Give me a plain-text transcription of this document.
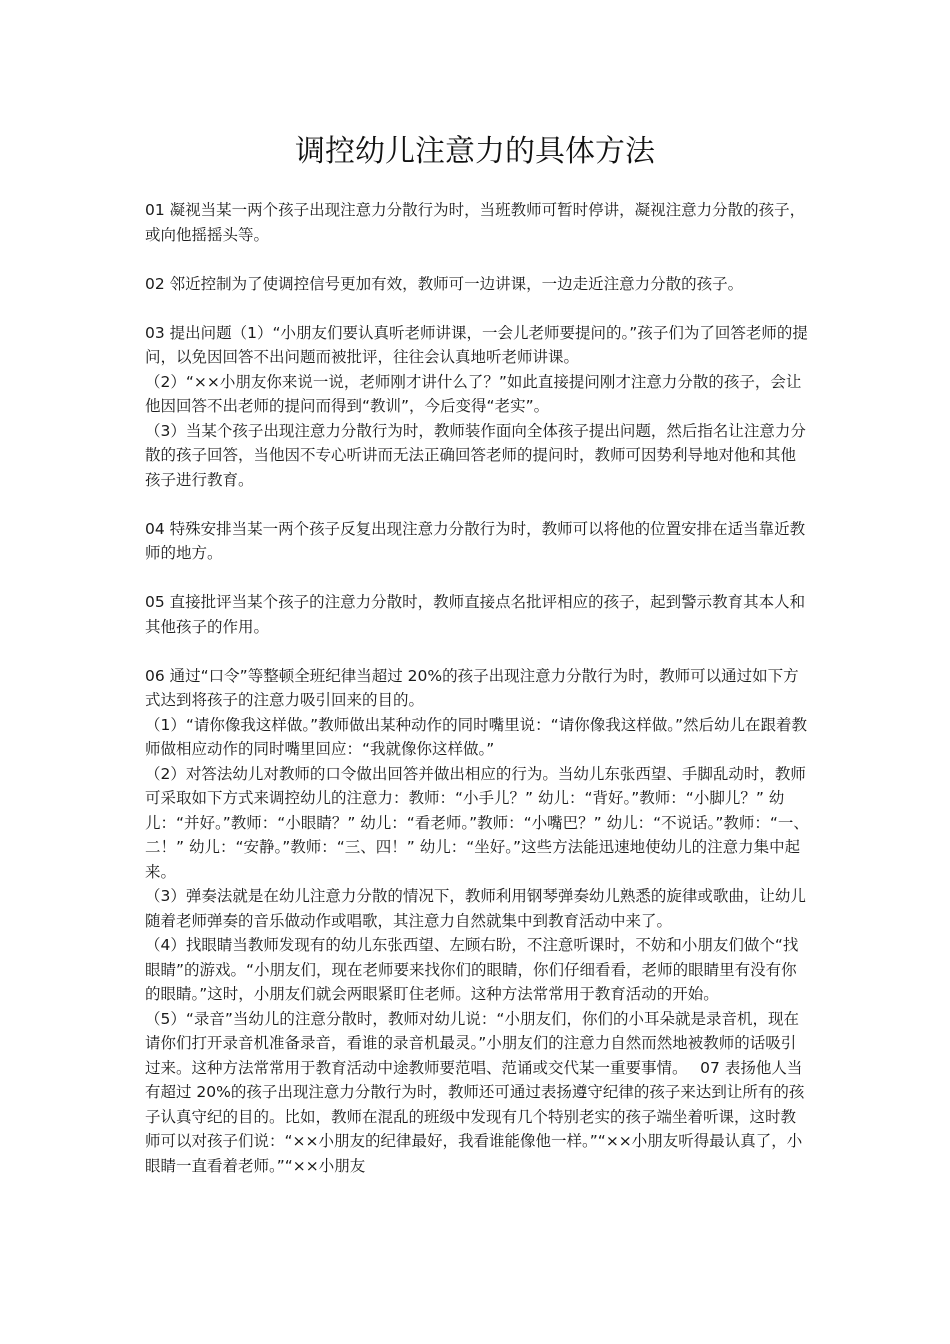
调控幼儿注意力的具体方法

01 凝视当某一两个孩子出现注意力分散行为时，当班教师可暂时停讲，凝视注意力分散的孩子，或向他摇摇头等。

02 邻近控制为了使调控信号更加有效，教师可一边讲课，一边走近注意力分散的孩子。

03 提出问题（1）“小朋友们要认真听老师讲课，一会儿老师要提问的。”孩子们为了回答老师的提问，以免因回答不出问题而被批评，往往会认真地听老师讲课。

（2）“××小朋友你来说一说，老师刚才讲什么了？”如此直接提问刚才注意力分散的孩子，会让他因回答不出老师的提问而得到“教训”，今后变得“老实”。

（3）当某个孩子出现注意力分散行为时，教师装作面向全体孩子提出问题，然后指名让注意力分散的孩子回答，当他因不专心听讲而无法正确回答老师的提问时，教师可因势利导地对他和其他孩子进行教育。

04 特殊安排当某一两个孩子反复出现注意力分散行为时，教师可以将他的位置安排在适当靠近教师的地方。

05 直接批评当某个孩子的注意力分散时，教师直接点名批评相应的孩子，起到警示教育其本人和其他孩子的作用。

06 通过“口令”等整顿全班纪律当超过 20%的孩子出现注意力分散行为时，教师可以通过如下方式达到将孩子的注意力吸引回来的目的。

（1）“请你像我这样做。”教师做出某种动作的同时嘴里说：“请你像我这样做。”然后幼儿在跟着教师做相应动作的同时嘴里回应：“我就像你这样做。”

（2）对答法幼儿对教师的口令做出回答并做出相应的行为。当幼儿东张西望、手脚乱动时，教师可采取如下方式来调控幼儿的注意力：教师：“小手儿？” 幼儿：“背好。”教师：“小脚儿？” 幼儿：“并好。”教师：“小眼睛？” 幼儿：“看老师。”教师：“小嘴巴？” 幼儿：“不说话。”教师：“一、二！” 幼儿：“安静。”教师：“三、四！” 幼儿：“坐好。”这些方法能迅速地使幼儿的注意力集中起来。

（3）弹奏法就是在幼儿注意力分散的情况下，教师利用钢琴弹奏幼儿熟悉的旋律或歌曲，让幼儿随着老师弹奏的音乐做动作或唱歌，其注意力自然就集中到教育活动中来了。

（4）找眼睛当教师发现有的幼儿东张西望、左顾右盼，不注意听课时，不妨和小朋友们做个“找眼睛”的游戏。“小朋友们，现在老师要来找你们的眼睛，你们仔细看看，老师的眼睛里有没有你的眼睛。”这时，小朋友们就会两眼紧盯住老师。这种方法常常用于教育活动的开始。

（5）“录音”当幼儿的注意分散时，教师对幼儿说：“小朋友们，你们的小耳朵就是录音机，现在请你们打开录音机准备录音，看谁的录音机最灵。”小朋友们的注意力自然而然地被教师的话吸引过来。这种方法常常用于教育活动中途教师要范唱、范诵或交代某一重要事情。　 07 表扬他人当有超过 20%的孩子出现注意力分散行为时，教师还可通过表扬遵守纪律的孩子来达到让所有的孩子认真守纪的目的。比如，教师在混乱的班级中发现有几个特别老实的孩子端坐着听课，这时教师可以对孩子们说：“××小朋友的纪律最好，我看谁能像他一样。”“××小朋友听得最认真了，小眼睛一直看着老师。”“××小朋友
